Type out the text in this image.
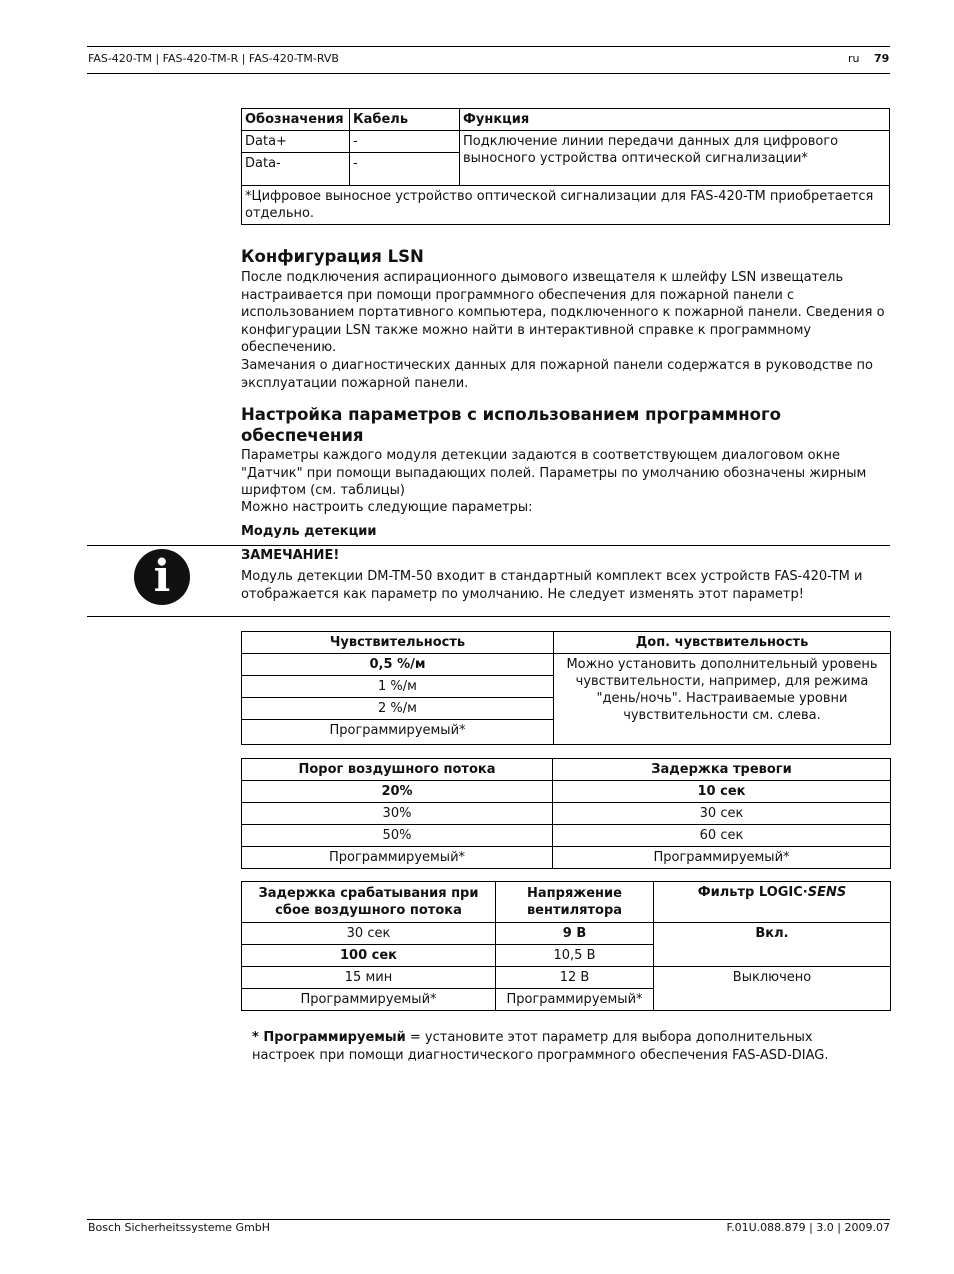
FAS-420-TM | FAS-420-TM-R | FAS-420-TM-RVB	ru 79
Обозначения	Кабель	Функция
Data+	-	Подключение линии передачи данных для цифрового выносного устройства оптической сигнализации*
Data-	-	
*Цифровое выносное устройство оптической сигнализации для FAS-420-TM приобретается отдельно.		
Конфигурация LSN
После подключения аспирационного дымового извещателя к шлейфу LSN извещатель настраивается при помощи программного обеспечения для пожарной панели с использованием портативного компьютера, подключенного к пожарной панели. Сведения о конфигурации LSN также можно найти в интерактивной справке к программному обеспечению.
Замечания о диагностических данных для пожарной панели содержатся в руководстве по эксплуатации пожарной панели.
Настройка параметров с использованием программного обеспечения
Параметры каждого модуля детекции задаются в соответствующем диалоговом окне "Датчик" при помощи выпадающих полей. Параметры по умолчанию обозначены жирным шрифтом (см. таблицы)
Можно настроить следующие параметры:
Модуль детекции
i	ЗАМЕЧАНИЕ!
Модуль детекции DM-TM-50 входит в стандартный комплект всех устройств FAS-420-TM и отображается как параметр по умолчанию. Не следует изменять этот параметр!
Чувствительность	Доп. чувствительность
0,5 %/м	Можно установить дополнительный уровень чувствительности, например, для режима "день/ночь". Настраиваемые уровни чувствительности см. слева.
1 %/м	
2 %/м	
Программируемый*	
Порог воздушного потока	Задержка тревоги
20%	10 сек
30%	30 сек
50%	60 сек
Программируемый*	Программируемый*
Задержка срабатывания при сбое воздушного потока	Напряжение вентилятора	Фильтр LOGIC·SENS
30 сек	9 В	Вкл.
100 сек	10,5 В	
15 мин	12 В	Выключено
Программируемый*	Программируемый*	
* Программируемый = установите этот параметр для выбора дополнительных настроек при помощи диагностического программного обеспечения FAS-ASD-DIAG.
Bosch Sicherheitssysteme GmbH	F.01U.088.879 | 3.0 | 2009.07
